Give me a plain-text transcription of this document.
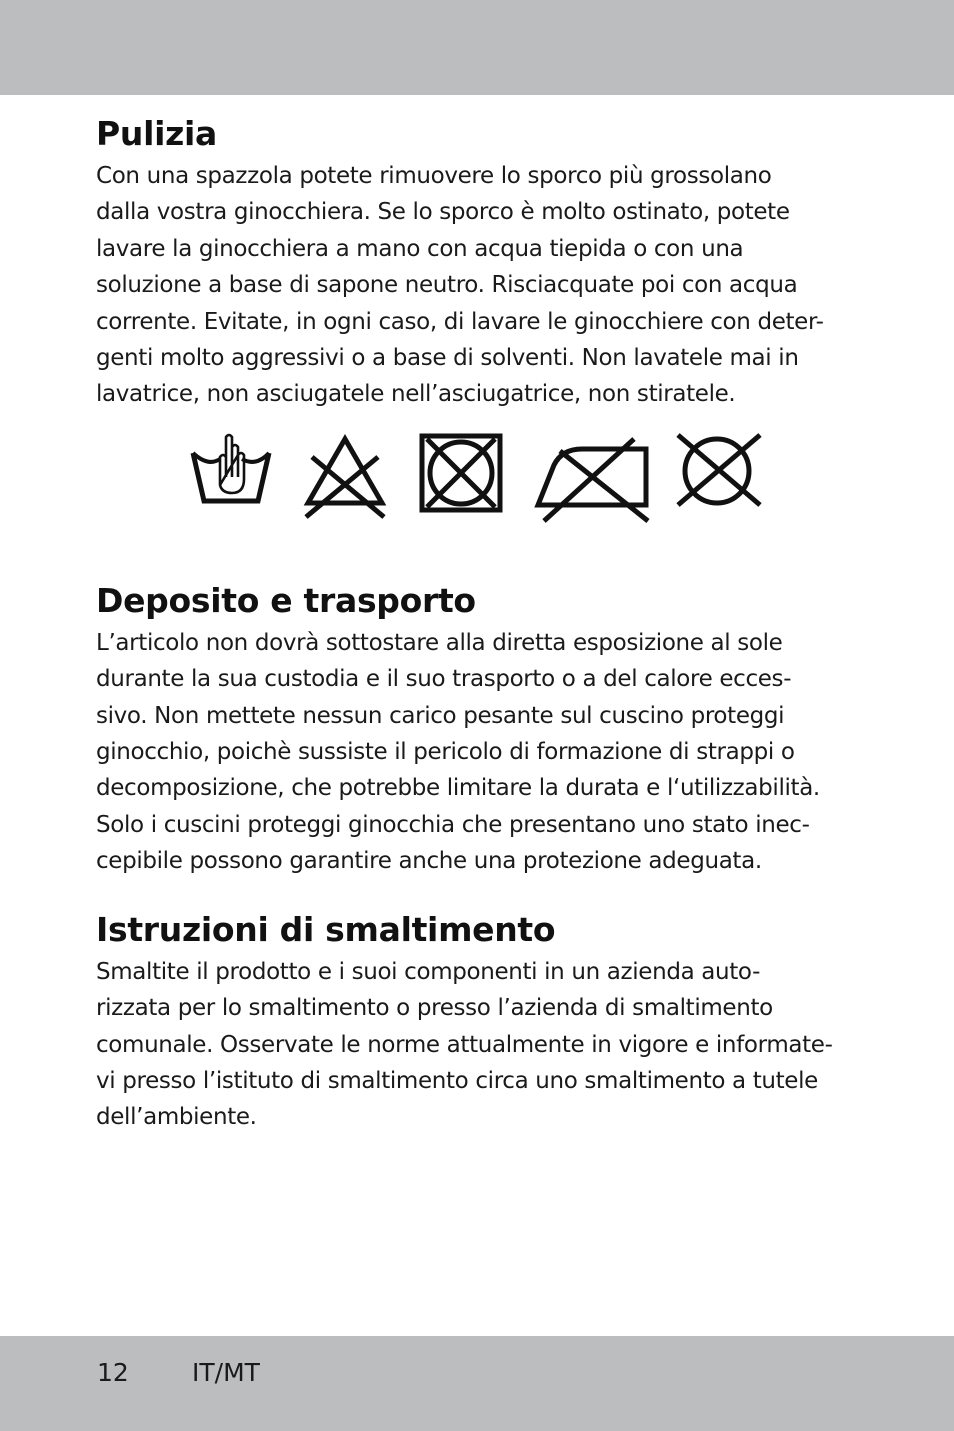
Pulizia

Con una spazzola potete rimuovere lo sporco più grossolano
dalla vostra ginocchiera. Se lo sporco è molto ostinato, potete
lavare la ginocchiera a mano con acqua tiepida o con una
soluzione a base di sapone neutro. Risciacquate poi con acqua
corrente. Evitate, in ogni caso, di lavare le ginocchiere con deter-
genti molto aggressivi o a base di solventi. Non lavatele mai in
lavatrice, non asciugatele nell’asciugatrice, non stiratele.

Deposito e trasporto

L’articolo non dovrà sottostare alla diretta esposizione al sole
durante la sua custodia e il suo trasporto o a del calore ecces-
sivo. Non mettete nessun carico pesante sul cuscino proteggi
ginocchio, poichè sussiste il pericolo di formazione di strappi o
decomposizione, che potrebbe limitare la durata e l‘utilizzabilità.
Solo i cuscini proteggi ginocchia che presentano uno stato inec-
cepibile possono garantire anche una protezione adeguata.

Istruzioni di smaltimento

Smaltite il prodotto e i suoi componenti in un azienda auto-
rizzata per lo smaltimento o presso l’azienda di smaltimento
comunale. Osservate le norme attualmente in vigore e informate-
vi presso l’istituto di smaltimento circa uno smaltimento a tutele
dell’ambiente.

12	IT/MT
